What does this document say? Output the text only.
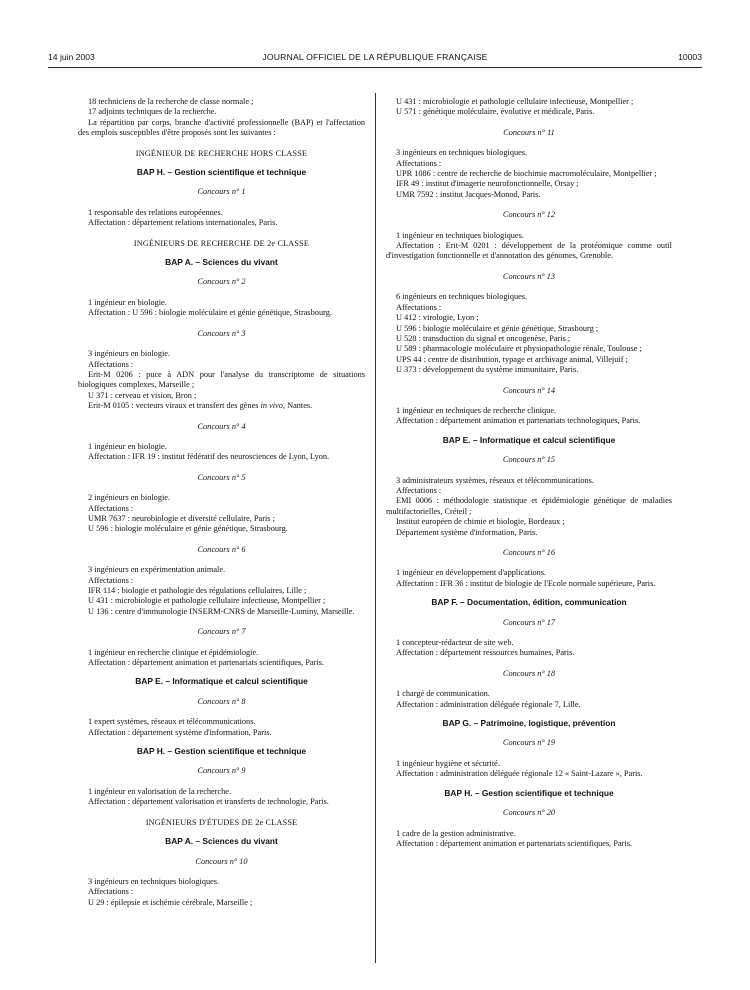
14 juin 2003	JOURNAL OFFICIEL DE LA RÉPUBLIQUE FRANÇAISE	10003

18 techniciens de la recherche de classe normale ;

17 adjoints techniques de la recherche.

La répartition par corps, branche d'activité professionnelle (BAP) et l'affectation des emplois susceptibles d'être proposés sont les suivantes :

INGÉNIEUR DE RECHERCHE HORS CLASSE
BAP H. – Gestion scientifique et technique
Concours n° 1

1 responsable des relations européennes.

Affectation : département relations internationales, Paris.

INGÉNIEURS DE RECHERCHE DE 2e CLASSE
BAP A. – Sciences du vivant
Concours n° 2

1 ingénieur en biologie.

Affectation : U 596 : biologie moléculaire et génie génétique, Strasbourg.

Concours n° 3

3 ingénieurs en biologie.

Affectations :

Erit-M 0206 : puce à ADN pour l'analyse du transcriptome de situations biologiques complexes, Marseille ;

U 371 : cerveau et vision, Bron ;

Erit-M 0105 : vecteurs viraux et transfert des gènes in vivo, Nantes.

Concours n° 4

1 ingénieur en biologie.

Affectation : IFR 19 : institut fédératif des neurosciences de Lyon, Lyon.

Concours n° 5

2 ingénieurs en biologie.

Affectations :

UMR 7637 : neurobiologie et diversité cellulaire, Paris ;

U 596 : biologie moléculaire et génie génétique, Strasbourg.

Concours n° 6

3 ingénieurs en expérimentation animale.

Affectations :

IFR 114 : biologie et pathologie des régulations cellulaires, Lille ;

U 431 : microbiologie et pathologie cellulaire infectieuse, Montpellier ;

U 136 : centre d'immunologie INSERM-CNRS de Marseille-Luminy, Marseille.

Concours n° 7

1 ingénieur en recherche clinique et épidémiologie.

Affectation : département animation et partenariats scientifiques, Paris.

BAP E. – Informatique et calcul scientifique
Concours n° 8

1 expert systèmes, réseaux et télécommunications.

Affectation : département système d'information, Paris.

BAP H. – Gestion scientifique et technique
Concours n° 9

1 ingénieur en valorisation de la recherche.

Affectation : département valorisation et transferts de technologie, Paris.

INGÉNIEURS D'ÉTUDES DE 2e CLASSE
BAP A. – Sciences du vivant
Concours n° 10

3 ingénieurs en techniques biologiques.

Affectations :

U 29 : épilepsie et ischémie cérébrale, Marseille ;

U 431 : microbiologie et pathologie cellulaire infectieuse, Montpellier ;

U 571 : génétique moléculaire, évolutive et médicale, Paris.

Concours n° 11

3 ingénieurs en techniques biologiques.

Affectations :

UPR 1086 : centre de recherche de biochimie macromoléculaire, Montpellier ;

IFR 49 : institut d'imagerie neurofonctionnelle, Orsay ;

UMR 7592 : institut Jacques-Monod, Paris.

Concours n° 12

1 ingénieur en techniques biologiques.

Affectation : Erit-M 0201 : développement de la protéomique comme outil d'investigation fonctionnelle et d'annotation des génomes, Grenoble.

Concours n° 13

6 ingénieurs en techniques biologiques.

Affectations :

U 412 : virologie, Lyon ;

U 596 : biologie moléculaire et génie génétique, Strasbourg ;

U 528 : transduction du signal et oncogenèse, Paris ;

U 589 : pharmacologie moléculaire et physiopathologie rénale, Toulouse ;

UPS 44 : centre de distribution, typage et archivage animal, Villejuif ;

U 373 : développement du système immunitaire, Paris.

Concours n° 14

1 ingénieur en techniques de recherche clinique.

Affectation : département animation et partenariats technologiques, Paris.

BAP E. – Informatique et calcul scientifique
Concours n° 15

3 administrateurs systèmes, réseaux et télécommunications.

Affectations :

EMI 0006 : méthodologie statistique et épidémiologie génétique de maladies multifactorielles, Créteil ;

Institut européen de chimie et biologie, Bordeaux ;

Département système d'information, Paris.

Concours n° 16

1 ingénieur en développement d'applications.

Affectation : IFR 36 : institut de biologie de l'Ecole normale supérieure, Paris.

BAP F. – Documentation, édition, communication
Concours n° 17

1 concepteur-rédacteur de site web.

Affectation : département ressources humaines, Paris.

Concours n° 18

1 chargé de communication.

Affectation : administration déléguée régionale 7, Lille.

BAP G. – Patrimoine, logistique, prévention
Concours n° 19

1 ingénieur hygiène et sécurité.

Affectation : administration déléguée régionale 12 « Saint-Lazare », Paris.

BAP H. – Gestion scientifique et technique
Concours n° 20

1 cadre de la gestion administrative.

Affectation : département animation et partenariats scientifiques, Paris.
